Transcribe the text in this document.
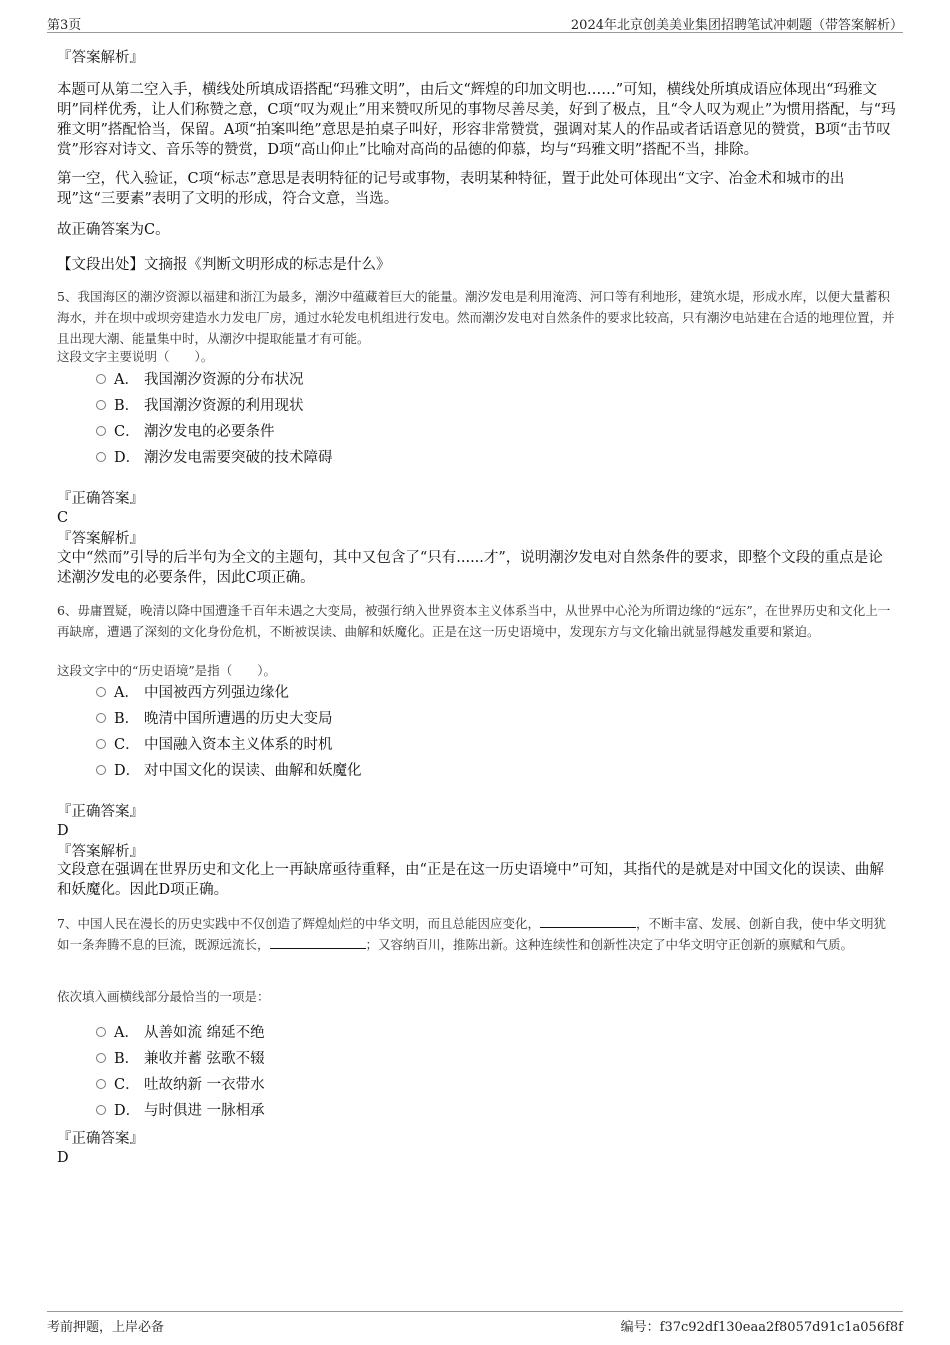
第3页	2024年北京创美美业集团招聘笔试冲刺题（带答案解析）

『答案解析』

本题可从第二空入手，横线处所填成语搭配“玛雅文明”，由后文“辉煌的印加文明也……”可知，横线处所填成语应体现出“玛雅文明”同样优秀，让人们称赞之意，C项“叹为观止”用来赞叹所见的事物尽善尽美，好到了极点，且“令人叹为观止”为惯用搭配，与“玛雅文明”搭配恰当，保留。A项“拍案叫绝”意思是拍桌子叫好，形容非常赞赏，强调对某人的作品或者话语意见的赞赏，B项“击节叹赏”形容对诗文、音乐等的赞赏，D项“高山仰止”比喻对高尚的品德的仰慕，均与“玛雅文明”搭配不当，排除。

第一空，代入验证，C项“标志”意思是表明特征的记号或事物，表明某种特征，置于此处可体现出“文字、冶金术和城市的出现”这“三要素”表明了文明的形成，符合文意，当选。

故正确答案为C。

【文段出处】文摘报《判断文明形成的标志是什么》

5、我国海区的潮汐资源以福建和浙江为最多，潮汐中蕴藏着巨大的能量。潮汐发电是利用淹湾、河口等有利地形，建筑水堤，形成水库，以便大量蓄积海水，并在坝中或坝旁建造水力发电厂房，通过水轮发电机组进行发电。然而潮汐发电对自然条件的要求比较高，只有潮汐电站建在合适的地理位置，并且出现大潮、能量集中时，从潮汐中提取能量才有可能。

这段文字主要说明（　　）。

A． 我国潮汐资源的分布状况
B． 我国潮汐资源的利用现状
C． 潮汐发电的必要条件
D． 潮汐发电需要突破的技术障碍

『正确答案』

C

『答案解析』

文中“然而”引导的后半句为全文的主题句，其中又包含了“只有......才”，说明潮汐发电对自然条件的要求，即整个文段的重点是论述潮汐发电的必要条件，因此C项正确。

6、毋庸置疑，晚清以降中国遭逢千百年未遇之大变局，被强行纳入世界资本主义体系当中，从世界中心沦为所谓边缘的“远东”，在世界历史和文化上一再缺席，遭遇了深刻的文化身份危机，不断被误读、曲解和妖魔化。正是在这一历史语境中，发现东方与文化输出就显得越发重要和紧迫。

这段文字中的“历史语境”是指（　　）。

A． 中国被西方列强边缘化
B． 晚清中国所遭遇的历史大变局
C． 中国融入资本主义体系的时机
D． 对中国文化的误读、曲解和妖魔化

『正确答案』

D

『答案解析』

文段意在强调在世界历史和文化上一再缺席亟待重释，由“正是在这一历史语境中”可知，其指代的是就是对中国文化的误读、曲解和妖魔化。因此D项正确。

7、中国人民在漫长的历史实践中不仅创造了辉煌灿烂的中华文明，而且总能因应变化，	，不断丰富、发展、创新自我，使中华文明犹如一条奔腾不息的巨流，既源远流长，	；又容纳百川，推陈出新。这种连续性和创新性决定了中华文明守正创新的禀赋和气质。

依次填入画横线部分最恰当的一项是：

A． 从善如流 绵延不绝
B． 兼收并蓄 弦歌不辍
C． 吐故纳新 一衣带水
D． 与时俱进 一脉相承

『正确答案』

D

考前押题，上岸必备	编号：f37c92df130eaa2f8057d91c1a056f8f
